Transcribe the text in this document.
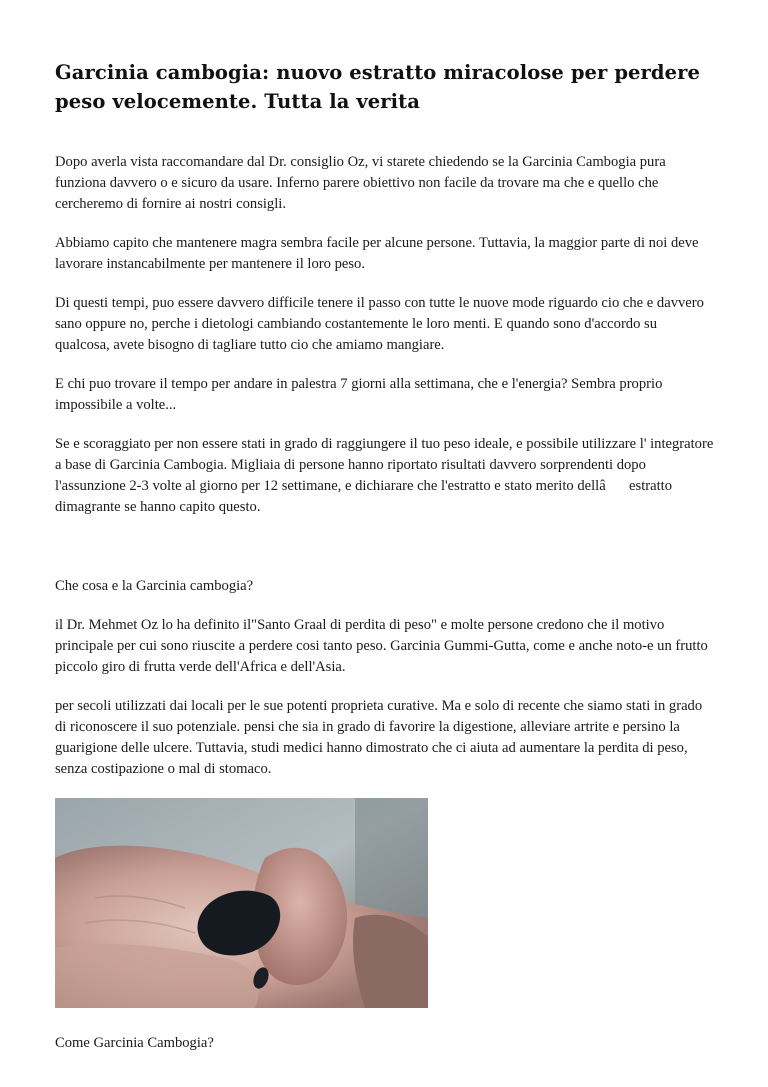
Garcinia cambogia: nuovo estratto miracolose per perdere peso velocemente. Tutta la verita

Dopo averla vista raccomandare dal Dr. consiglio Oz, vi starete chiedendo se la Garcinia Cambogia pura funziona davvero o e sicuro da usare. Inferno parere obiettivo non facile da trovare ma che e quello che cercheremo di fornire ai nostri consigli.

Abbiamo capito che mantenere magra sembra facile per alcune persone. Tuttavia, la maggior parte di noi deve lavorare instancabilmente per mantenere il loro peso.

Di questi tempi, puo essere davvero difficile tenere il passo con tutte le nuove mode riguardo cio che e davvero sano oppure no, perche i dietologi cambiando costantemente le loro menti. E quando sono d'accordo su qualcosa, avete bisogno di tagliare tutto cio che amiamo mangiare.

E chi puo trovare il tempo per andare in palestra 7 giorni alla settimana, che e l'energia? Sembra proprio impossibile a volte...

Se e scoraggiato per non essere stati in grado di raggiungere il tuo peso ideale, e possibile utilizzare l' integratore a base di Garcinia Cambogia. Migliaia di persone hanno riportato risultati davvero sorprendenti dopo l'assunzione 2-3 volte al giorno per 12 settimane, e dichiarare che l'estratto e stato merito dellâestratto dimagrante se hanno capito questo.

Che cosa e la Garcinia cambogia?

il Dr. Mehmet Oz lo ha definito il"Santo Graal di perdita di peso" e molte persone credono che il motivo principale per cui sono riuscite a perdere cosi tanto peso. Garcinia Gummi-Gutta, come e anche noto-e un frutto piccolo giro di frutta verde dell'Africa e dell'Asia.

per secoli utilizzati dai locali per le sue potenti proprieta curative. Ma e solo di recente che siamo stati in grado di riconoscere il suo potenziale. pensi che sia in grado di favorire la digestione, alleviare artrite e persino la guarigione delle ulcere. Tuttavia, studi medici hanno dimostrato che ci aiuta ad aumentare la perdita di peso, senza costipazione o mal di stomaco.

Come Garcinia Cambogia?
